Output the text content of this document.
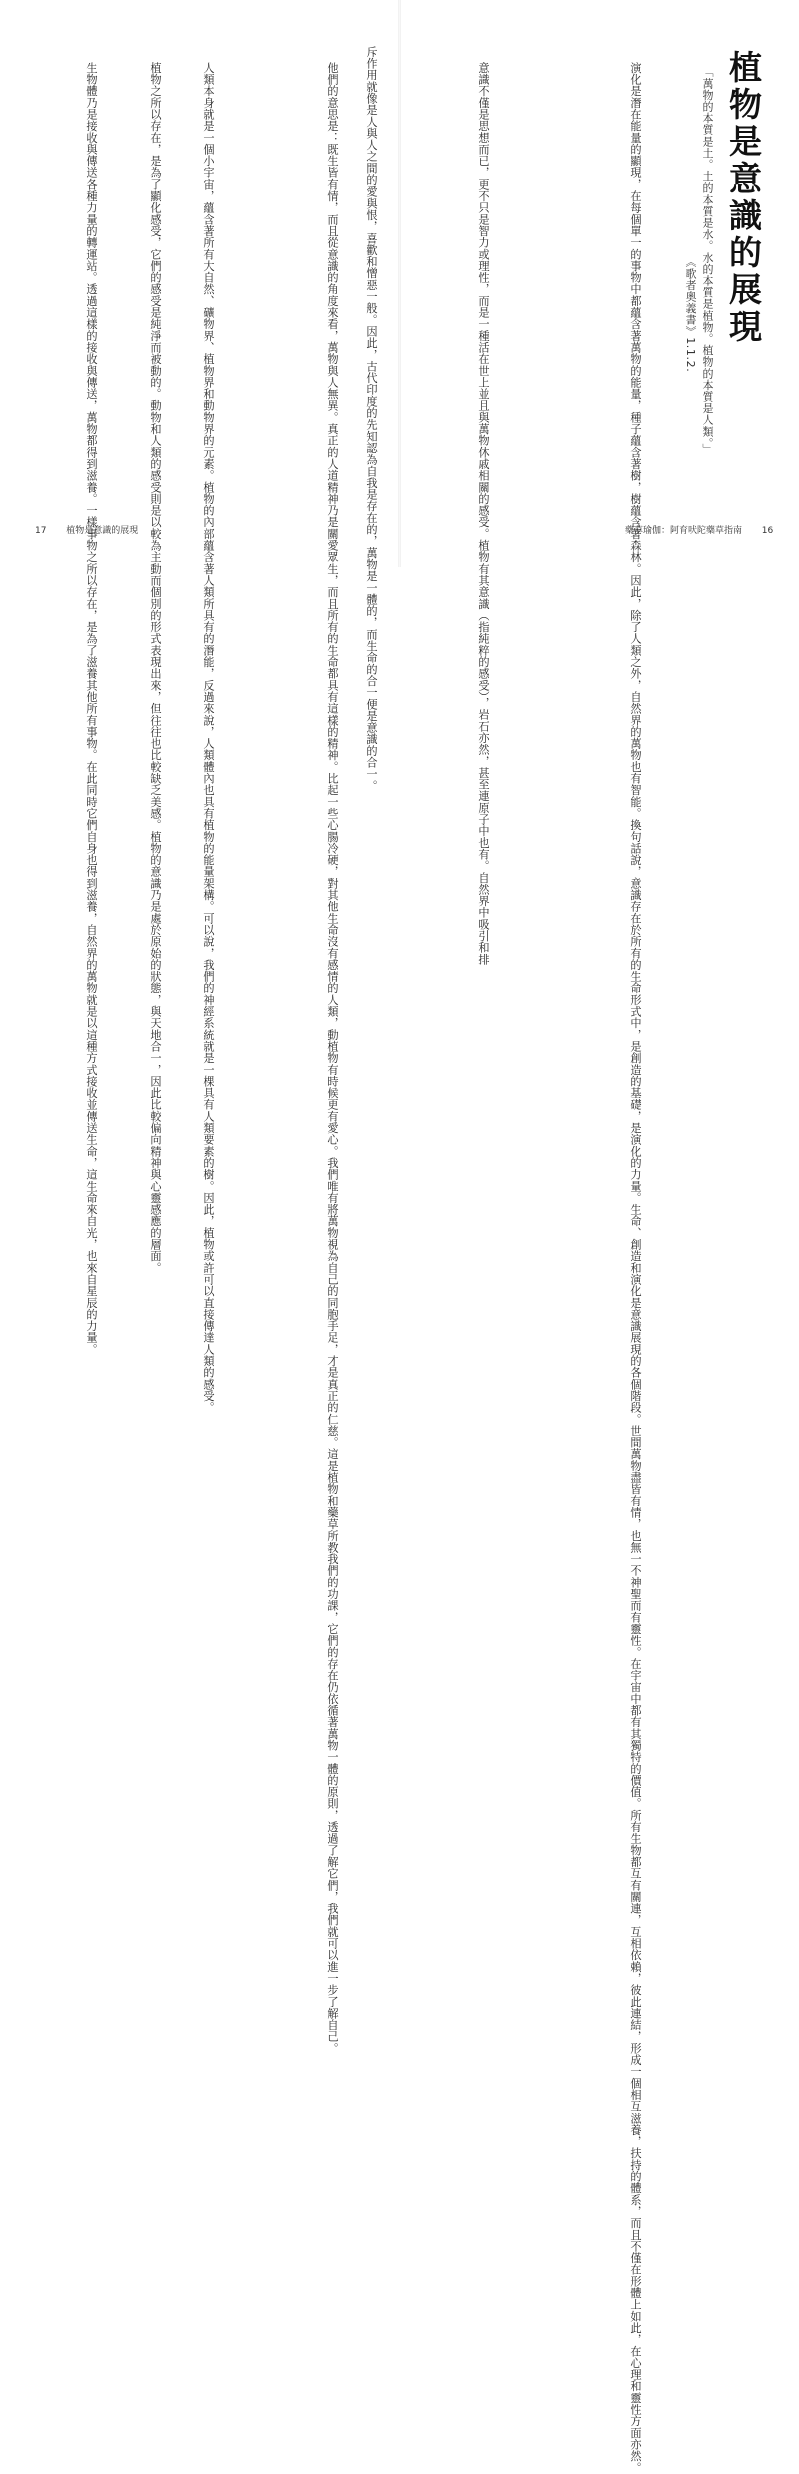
斥作用就像是人與人之間的愛與恨，喜歡和憎惡一般。因此，古代印度的先知認為自我是存在的，萬物是一體的，而生命的合一便是意識的合一。
他們的意思是：既生皆有情，而且從意識的角度來看，萬物與人無異。真正的人道精神乃是關愛眾生，而且所有的生命都具有這樣的精神。比起一些心腸冷硬，對其他生命沒有感情的人類，動植物有時候更有愛心。我們唯有將萬物視為自己的同胞手足，才是真正的仁慈。這是植物和藥草所教我們的功課，它們的存在仍依循著萬物一體的原則，透過了解它們，我們就可以進一步了解自己。
人類本身就是一個小宇宙，蘊含著所有大自然、礦物界、植物界和動物界的元素。植物的內部蘊含著人類所具有的潛能，反過來說，人類體內也具有植物的能量架構。可以說，我們的神經系統就是一棵具有人類要素的樹。因此，植物或許可以直接傳達人類的感受。
植物之所以存在，是為了顯化感受，它們的感受是純淨而被動的。動物和人類的感受則是以較為主動而個別的形式表現出來，但往往也比較缺乏美感。植物的意識乃是處於原始的狀態，與天地合一，因此比較偏向精神與心靈感應的層面。
生物體乃是接收與傳送各種力量的轉運站。透過這樣的接收與傳送，萬物都得到滋養。一樣事物之所以存在，是為了滋養其他所有事物。在此同時它們自身也得到滋養，自然界的萬物就是以這種方式接收並傳送生命，這生命來自光，也來自星辰的力量。
17 植物是意識的展現
植物是意識的展現
「萬物的本質是土。土的本質是水。水的本質是植物。植物的本質是人類。」
《歌者奧義書》1.1.2.
演化是潛在能量的顯現，在每個單一的事物中都蘊含著萬物的能量，種子蘊含著樹，樹蘊含著森林。因此，除了人類之外，自然界的萬物也有智能。換句話說，意識存在於所有的生命形式中，是創造的基礎，是演化的力量。生命、創造和演化是意識展現的各個階段。世間萬物盡皆有情，也無一不神聖而有靈性。在宇宙中都有其獨特的價值。所有生物都互有關連，互相依賴，彼此連結，形成一個相互滋養，扶持的體系，而且不僅在形體上如此，在心理和靈性方面亦然。
意識不僅是思想而已，更不只是智力或理性，而是一種活在世上並且與萬物休戚相關的感受。植物有其意識（指純粹的感受），岩石亦然，甚至連原子中也有。自然界中吸引和排	藥草瑜伽：阿育吠陀藥草指南 16
